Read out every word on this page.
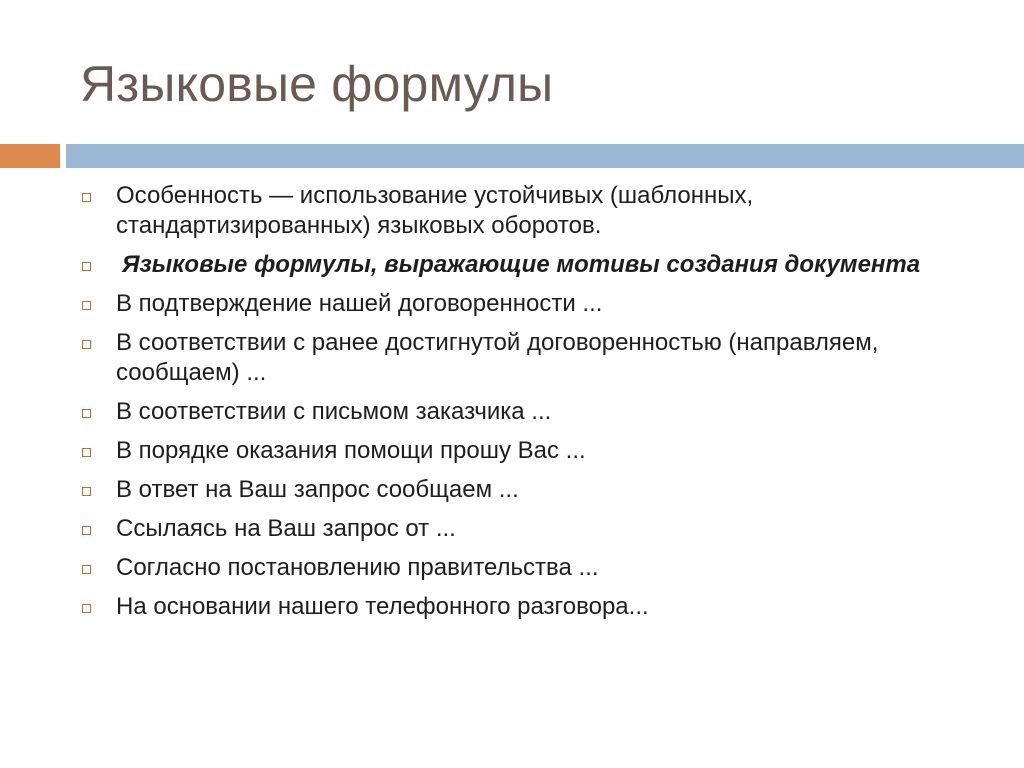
Языковые формулы
Особенность — использование устойчивых (шаблонных, стандартизированных) языковых оборотов.
Языковые формулы, выражающие мотивы создания документа
В подтверждение нашей договоренности ...
В соответствии с ранее достигнутой договоренностью (направляем, сообщаем) ...
В соответствии с письмом заказчика ...
В порядке оказания помощи прошу Вас ...
В ответ на Ваш запрос сообщаем ...
Ссылаясь на Ваш запрос от ...
Согласно постановлению правительства ...
На основании нашего телефонного разговора...
